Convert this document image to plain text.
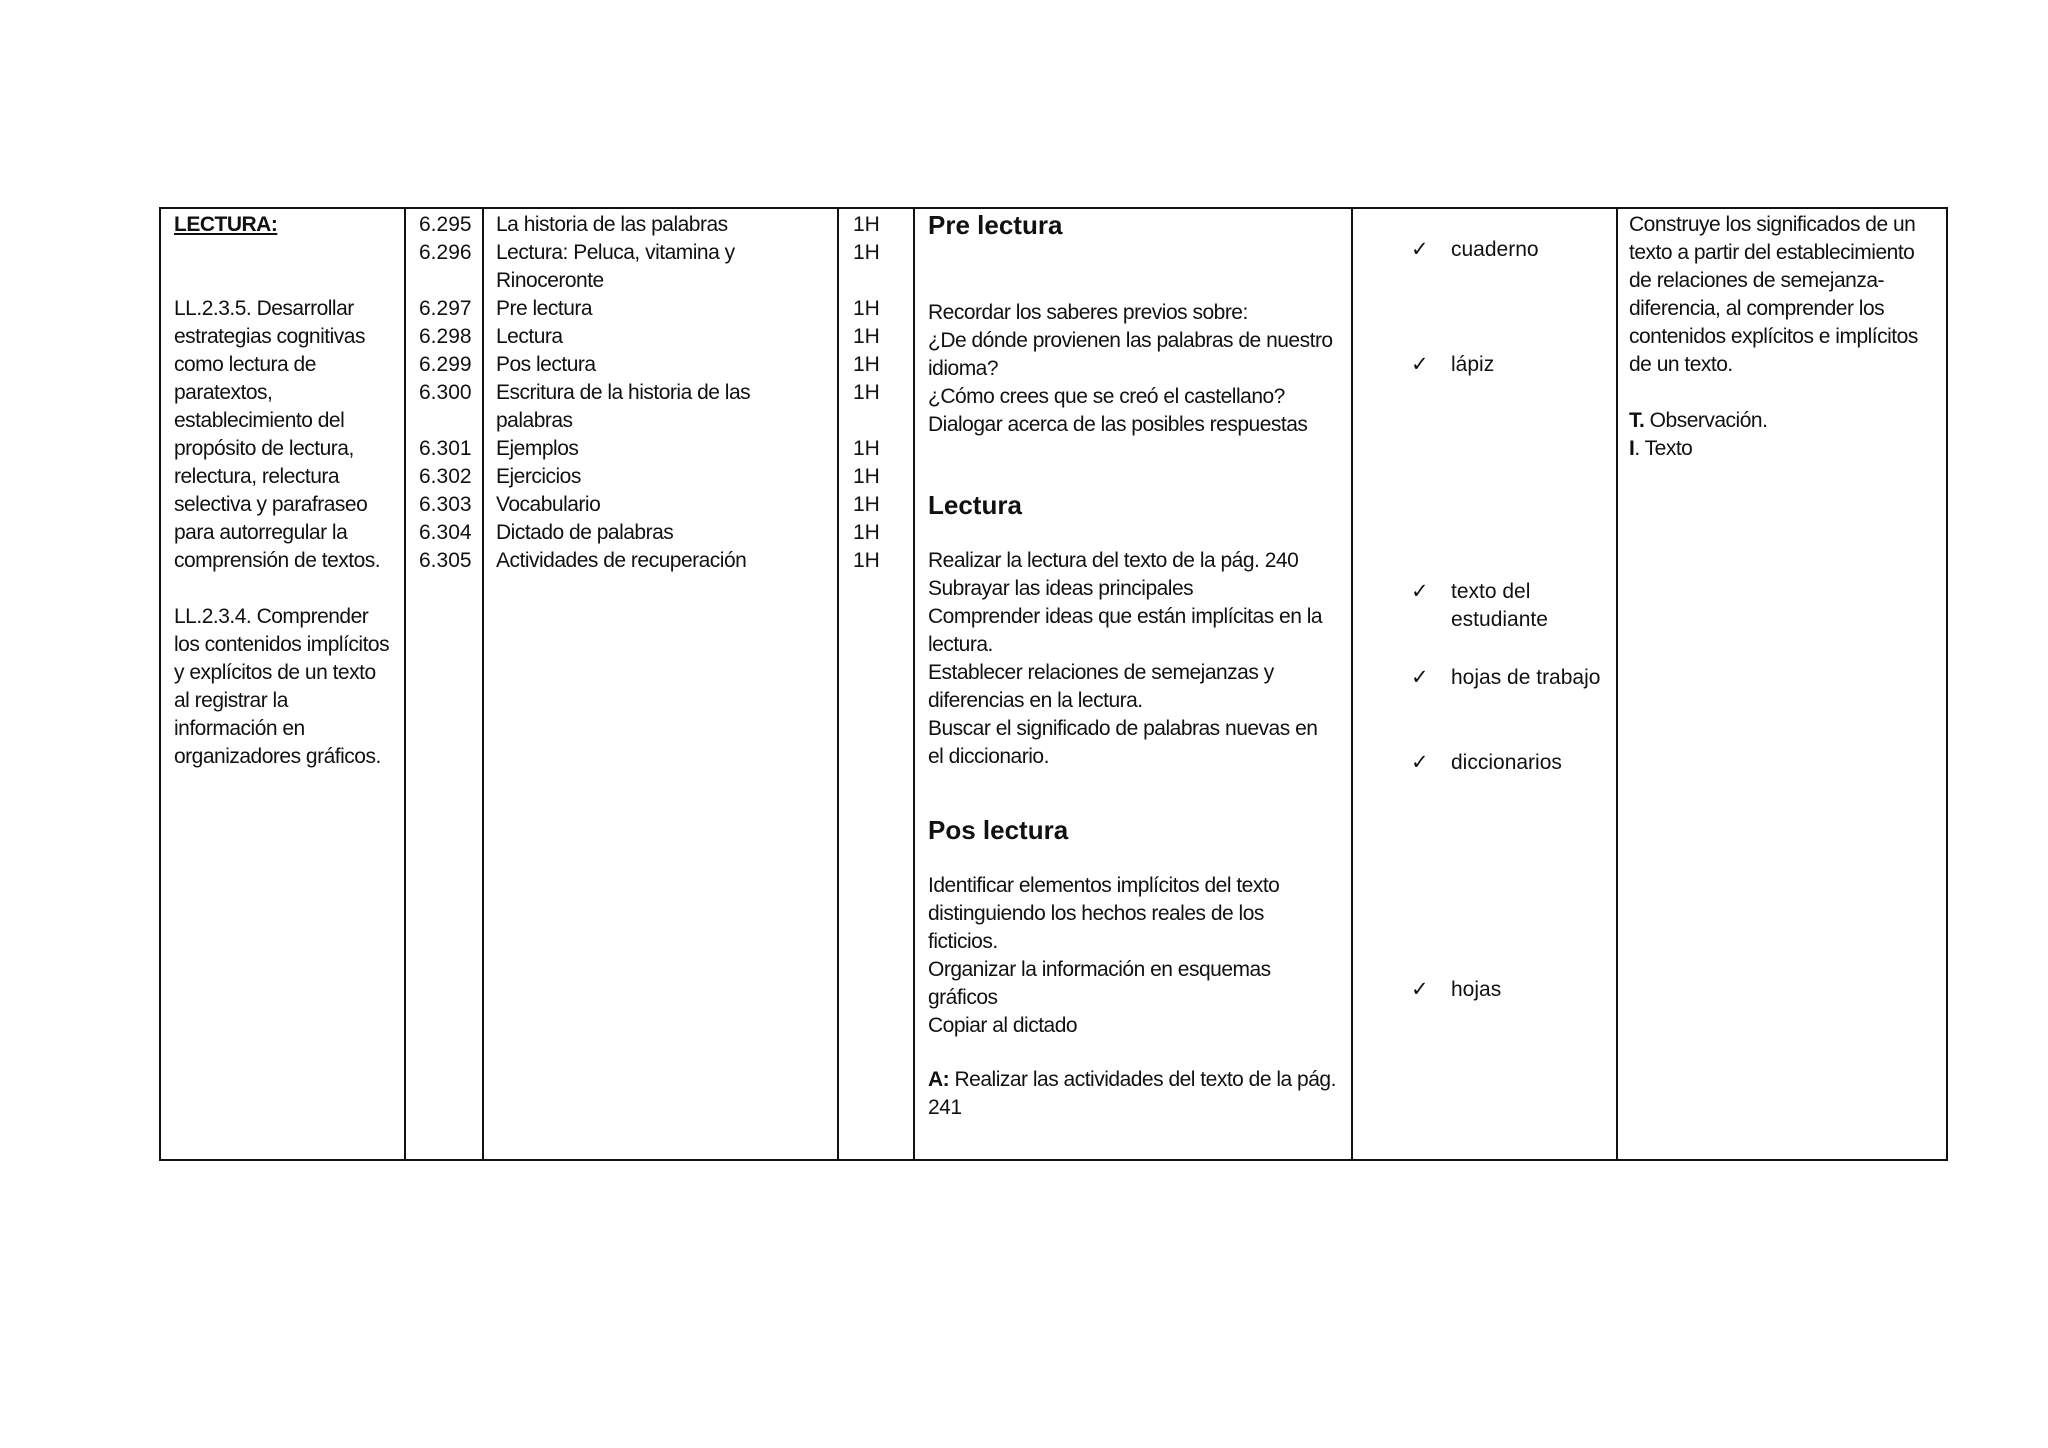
LECTURA:
LL.2.3.5. Desarrollar
estrategias cognitivas
como lectura de
paratextos,
establecimiento del
propósito de lectura,
relectura, relectura
selectiva y parafraseo
para autorregular la
comprensión de textos.
LL.2.3.4. Comprender
los contenidos implícitos
y explícitos de un texto
al registrar la
información en
organizadores gráficos.
6.295
6.296
6.297
6.298
6.299
6.300
6.301
6.302
6.303
6.304
6.305
La historia de las palabras
Lectura: Peluca, vitamina y
Rinoceronte
Pre lectura
Lectura
Pos lectura
Escritura de la historia de las
palabras
Ejemplos
Ejercicios
Vocabulario
Dictado de palabras
Actividades de recuperación
1H
1H
1H
1H
1H
1H
1H
1H
1H
1H
1H
Pre lectura
Recordar los saberes previos sobre:
¿De dónde provienen las palabras de nuestro
idioma?
¿Cómo crees que se creó el castellano?
Dialogar acerca de las posibles respuestas
Lectura
Realizar la lectura del texto de la pág. 240
Subrayar las ideas principales
Comprender ideas que están implícitas en la
lectura.
Establecer relaciones de semejanzas y
diferencias en la lectura.
Buscar el significado de palabras nuevas en
el diccionario.
Pos lectura
Identificar elementos implícitos del texto
distinguiendo los hechos reales de los
ficticios.
Organizar la información en esquemas
gráficos
Copiar al dictado
A: Realizar las actividades del texto de la pág.
241
✓ cuaderno
✓ lápiz
✓ texto del
estudiante
✓ hojas de trabajo
✓ diccionarios
✓ hojas
Construye los significados de un
texto a partir del establecimiento
de relaciones de semejanza-
diferencia, al comprender los
contenidos explícitos e implícitos
de un texto.
T. Observación.
I. Texto
